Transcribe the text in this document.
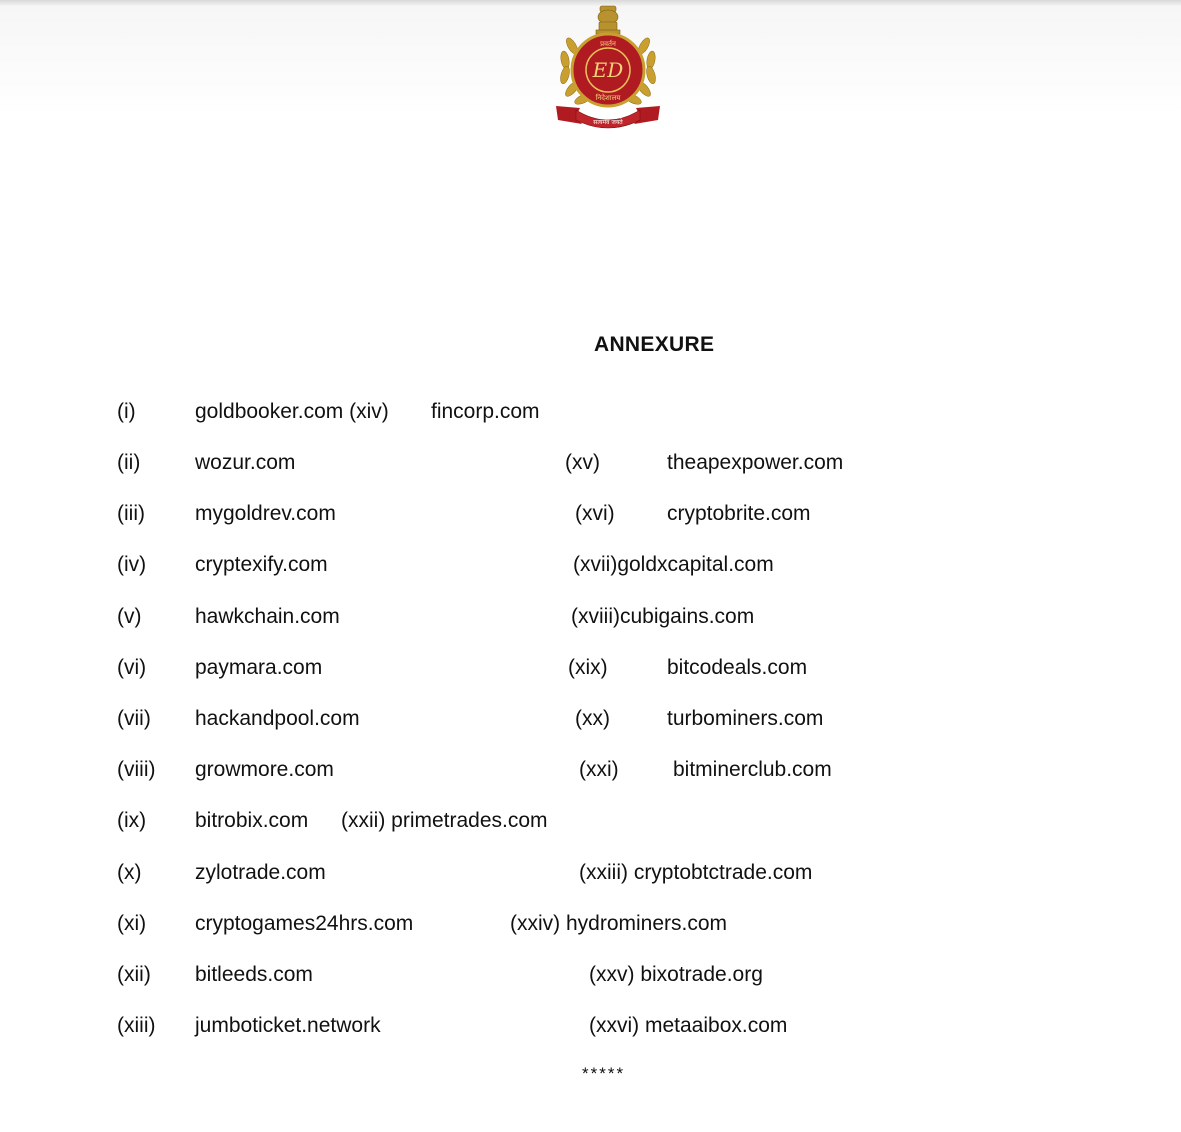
प्रवर्तन
ED
निदेशालय
सत्यमेव जयते
ANNEXURE
(i)	goldbooker.com (xiv) fincorp.com
(ii)	wozur.com	(xv)	theapexpower.com
(iii) mygoldrev.com	(xvi) cryptobrite.com
(iv) cryptexify.com	(xvii)goldxcapital.com
(v)	hawkchain.com	(xviii)cubigains.com
(vi) paymara.com	(xix)	bitcodeals.com
(vii) hackandpool.com	(xx)	turbominers.com
(viii) growmore.com	(xxi)	bitminerclub.com
(ix) bitrobix.com (xxii) primetrades.com
(x)	zylotrade.com	(xxiii) cryptobtctrade.com
(xi) cryptogames24hrs.com	(xxiv) hydrominers.com
(xii) bitleeds.com	(xxv) bixotrade.org
(xiii) jumboticket.network	(xxvi) metaaibox.com
*****
